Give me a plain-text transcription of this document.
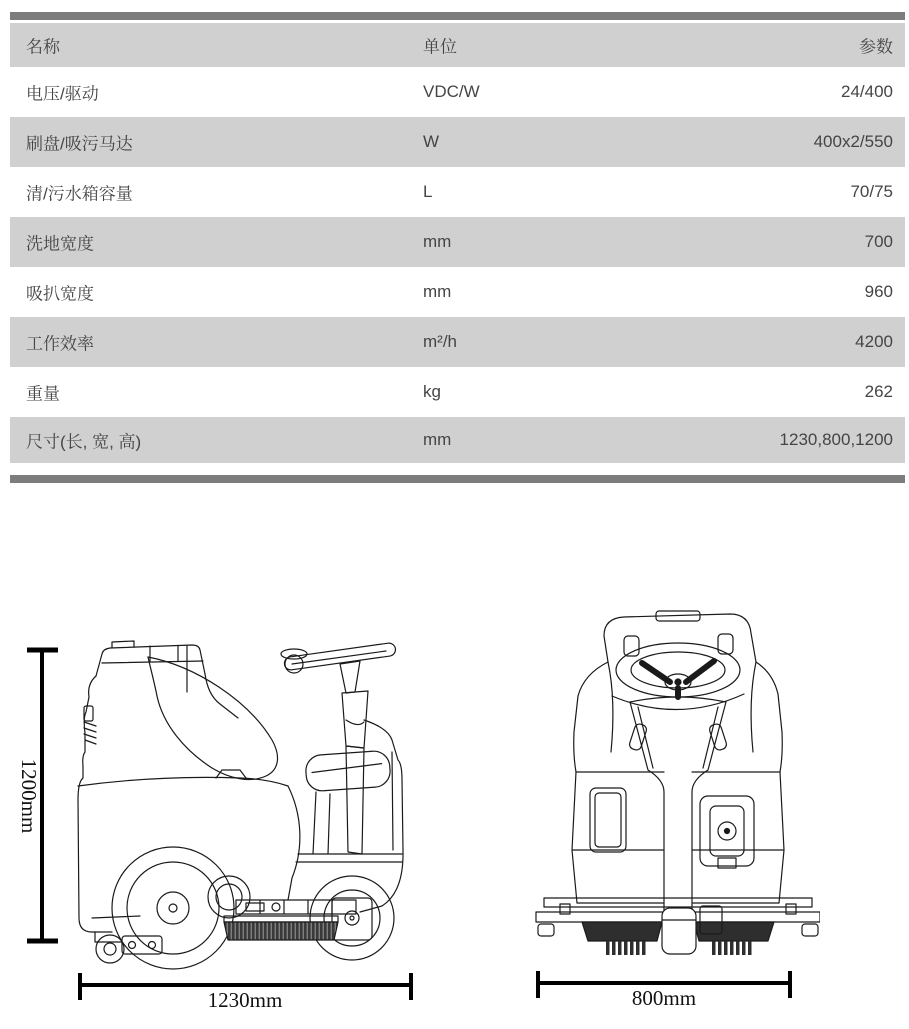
名称	单位	参数
电压/驱动	VDC/W	24/400
刷盘/吸污马达	W	400x2/550
清/污水箱容量	L	70/75
洗地宽度	mm	700
吸扒宽度	mm	960
工作效率	m²/h	4200
重量	kg	262
尺寸(长, 宽, 高)	mm	1230,800,1200
1200mm
1230mm	800mm
